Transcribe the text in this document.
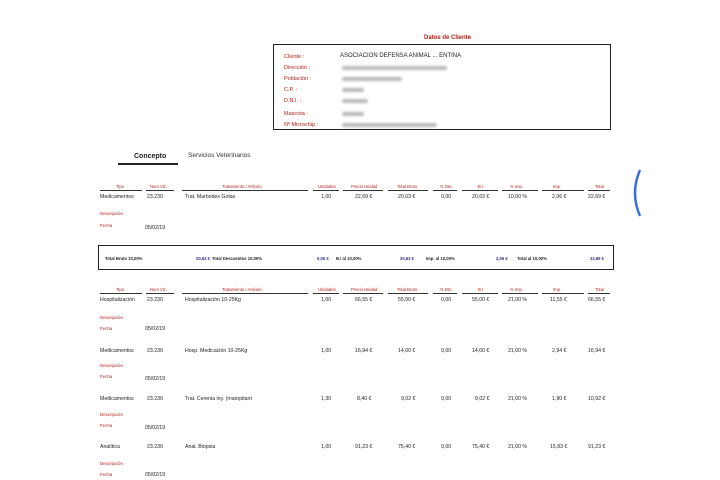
Datos de Cliente
Cliente :	ASOCIACION DEFENSA ANIMAL ... ENTINA
Dirección :
Población :
C.P. :
D.N.I. :
Mascota :
Nº Microchip :
Concepto	Servicios Veterinarios
Tipo	Num Viz.	Tratamiento / Artículo	Unidades	Precio Unidad	Total Bruto	% Dto.	B.I	% Imp.	Imp.	Total
Medicamentos	23.230	Trat. Marbodex Gotas	1,00	22,69 €	20,63 €	0,00	20,63 €	10,00 %	2,06 €	22,69 €
Descripción
Fecha	05/02/19
Total Bruto 10,00%	20,63 € Total Descuentos 10,00%	0,00 € B.I al 10,00%	20,63 €	Imp. al 10,00%	2,06 € Total al 10,00%	22,69 €
Tipo	Num Viz.	Tratamiento / Artículo	Unidades	Precio Unidad	Total Bruto	% Dto.	B.I	% Imp.	Imp.	Total
Hospitalización 23.230	Hospitalización 10-25Kg	1,00	66,55 €	55,00 €	0,00	55,00 €	21,00 %	11,55 €	66,55 €
Descripción
Fecha	05/02/19
Medicamentos	23.230	Hosp. Medicación 10-25Kg	1,00	16,94 €	14,00 €	0,00	14,00 €	21,00 %	2,94 €	16,94 €
Descripción
Fecha	05/02/19
Medicamentos	23.230	Trat. Cerenia iny. (maropitant	1,30	8,40 €	9,02 €	0,00	9,02 €	21,00 %	1,90 €	10,92 €
Descripción
Fecha	05/02/19
Analítica	23.230	Anal. Biopsia	1,00	91,23 €	75,40 €	0,00	75,40 €	21,00 %	15,83 €	91,23 €
Descripción
Fecha	05/02/19
